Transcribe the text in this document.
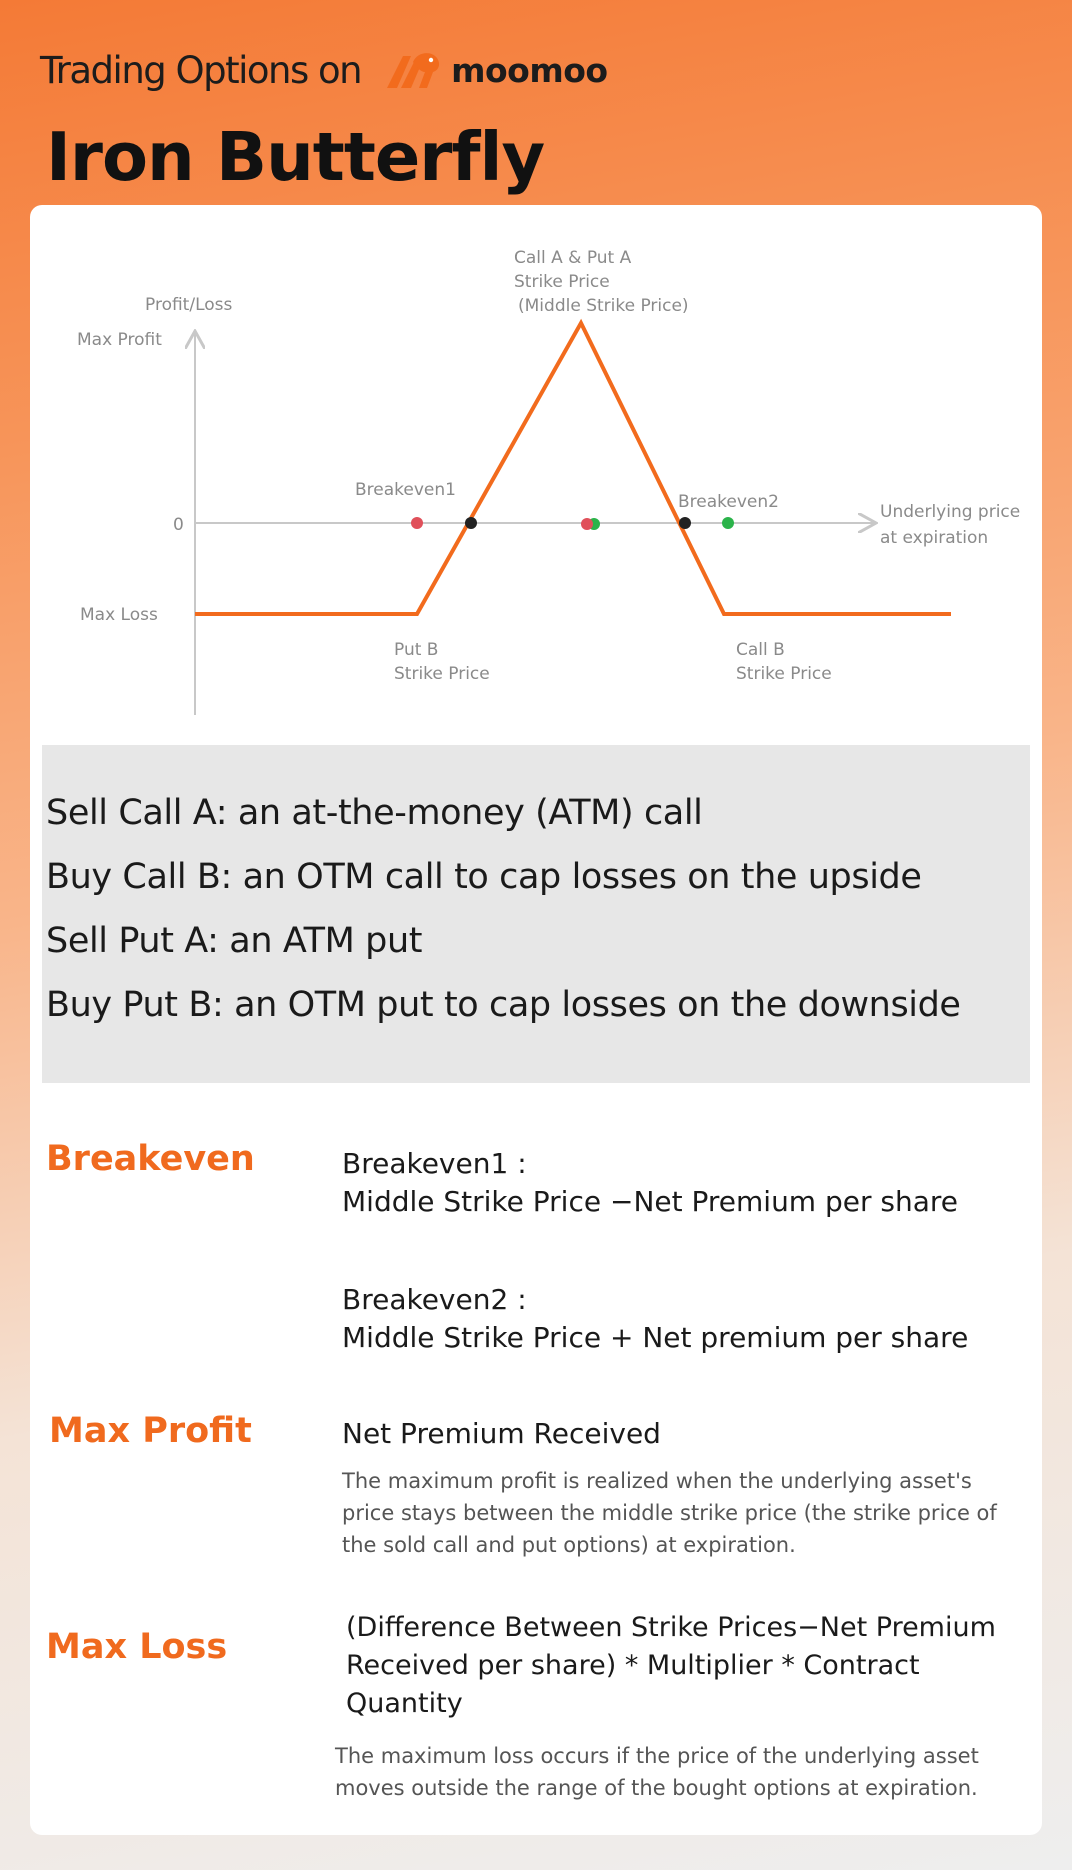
Trading Options on	moomoo
Iron Butterfly
Profit/Loss
Max Profit
0
Max Loss
Call A & Put A
Strike Price
(Middle Strike Price)
Breakeven1
Breakeven2	Underlying price
at expiration
Put B
Strike Price
Call B
Strike Price
Sell Call A: an at-the-money (ATM) call
Buy Call B: an OTM call to cap losses on the upside
Sell Put A: an ATM put
Buy Put B: an OTM put to cap losses on the downside
Breakeven	Breakeven1 :
Middle Strike Price −Net Premium per share
Breakeven2 :
Middle Strike Price + Net premium per share
Max Profit	Net Premium Received
The maximum profit is realized when the underlying asset's
price stays between the middle strike price (the strike price of
the sold call and put options) at expiration.
Max Loss	(Difference Between Strike Prices−Net Premium
Received per share) * Multiplier * Contract
Quantity
The maximum loss occurs if the price of the underlying asset
moves outside the range of the bought options at expiration.
